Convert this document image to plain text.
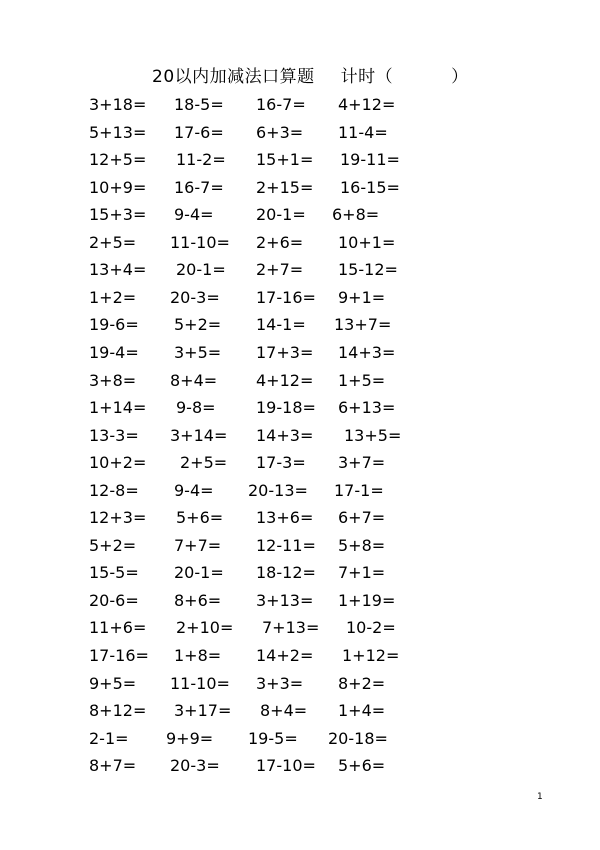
20以内加减法口算题 计时（	）
3+18= 18-5= 16-7= 4+12=
5+13= 17-6= 6+3= 11-4=
12+5= 11-2= 15+1= 19-11=
10+9= 16-7= 2+15= 16-15=
15+3= 9-4=	20-1= 6+8=
2+5= 11-10= 2+6= 10+1=
13+4= 20-1= 2+7= 15-12=
1+2= 20-3= 17-16= 9+1=
19-6= 5+2= 14-1= 13+7=
19-4= 3+5= 17+3= 14+3=
3+8= 8+4= 4+12= 1+5=
1+14= 9-8=	19-18= 6+13=
13-3= 3+14= 14+3= 13+5=
10+2= 2+5= 17-3= 3+7=
12-8= 9-4= 20-13= 17-1=
12+3= 5+6= 13+6= 6+7=
5+2= 7+7= 12-11= 5+8=
15-5= 20-1= 18-12= 7+1=
20-6= 8+6= 3+13= 1+19=
11+6= 2+10= 7+13= 10-2=
17-16= 1+8= 14+2= 1+12=
9+5= 11-10= 3+3= 8+2=
8+12= 3+17= 8+4= 1+4=
2-1= 9+9= 19-5= 20-18=
8+7= 20-3= 17-10= 5+6=
1
